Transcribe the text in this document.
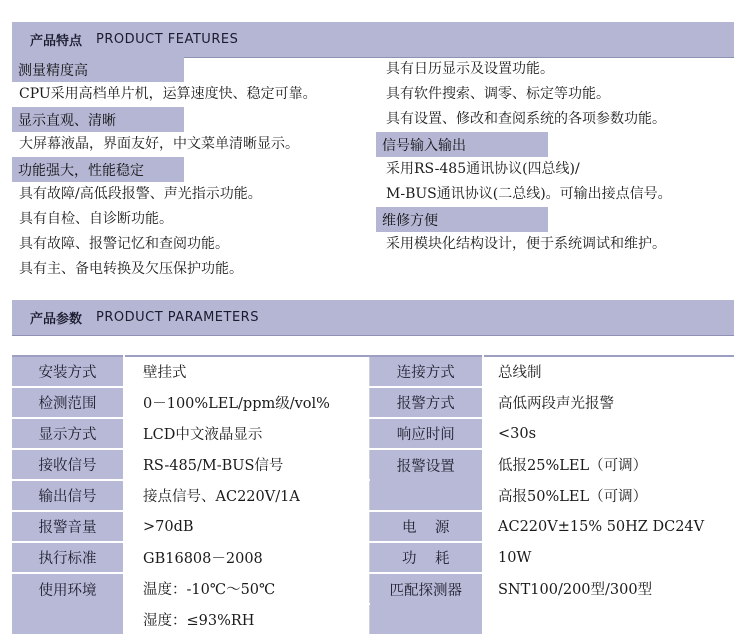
产品特点 PRODUCT FEATURES
测量精度高
CPU采用高档单片机，运算速度快、稳定可靠。
显示直观、清晰
大屏幕液晶，界面友好，中文菜单清晰显示。
功能强大，性能稳定
具有故障/高低段报警、声光指示功能。
具有自检、自诊断功能。
具有故障、报警记忆和查阅功能。
具有主、备电转换及欠压保护功能。
具有日历显示及设置功能。
具有软件搜索、调零、标定等功能。
具有设置、修改和查阅系统的各项参数功能。
信号输入输出
采用RS-485通讯协议(四总线)/
M-BUS通讯协议(二总线)。可输出接点信号。
维修方便
采用模块化结构设计，便于系统调试和维护。
产品参数 PRODUCT PARAMETERS
安装方式	壁挂式	连接方式	总线制
检测范围	0－100%LEL/ppm级/vol%	报警方式	高低两段声光报警
显示方式	LCD中文液晶显示	响应时间	<30s
接收信号	RS-485/M-BUS信号	报警设置	低报25%LEL（可调）
输出信号	接点信号、AC220V/1A		高报50%LEL（可调）
报警音量	>70dB	电    源	AC220V±15% 50HZ DC24V
执行标准	GB16808－2008	功    耗	10W
使用环境	温度：-10℃～50℃	匹配探测器	SNT100/200型/300型
	湿度：≤93%RH		
